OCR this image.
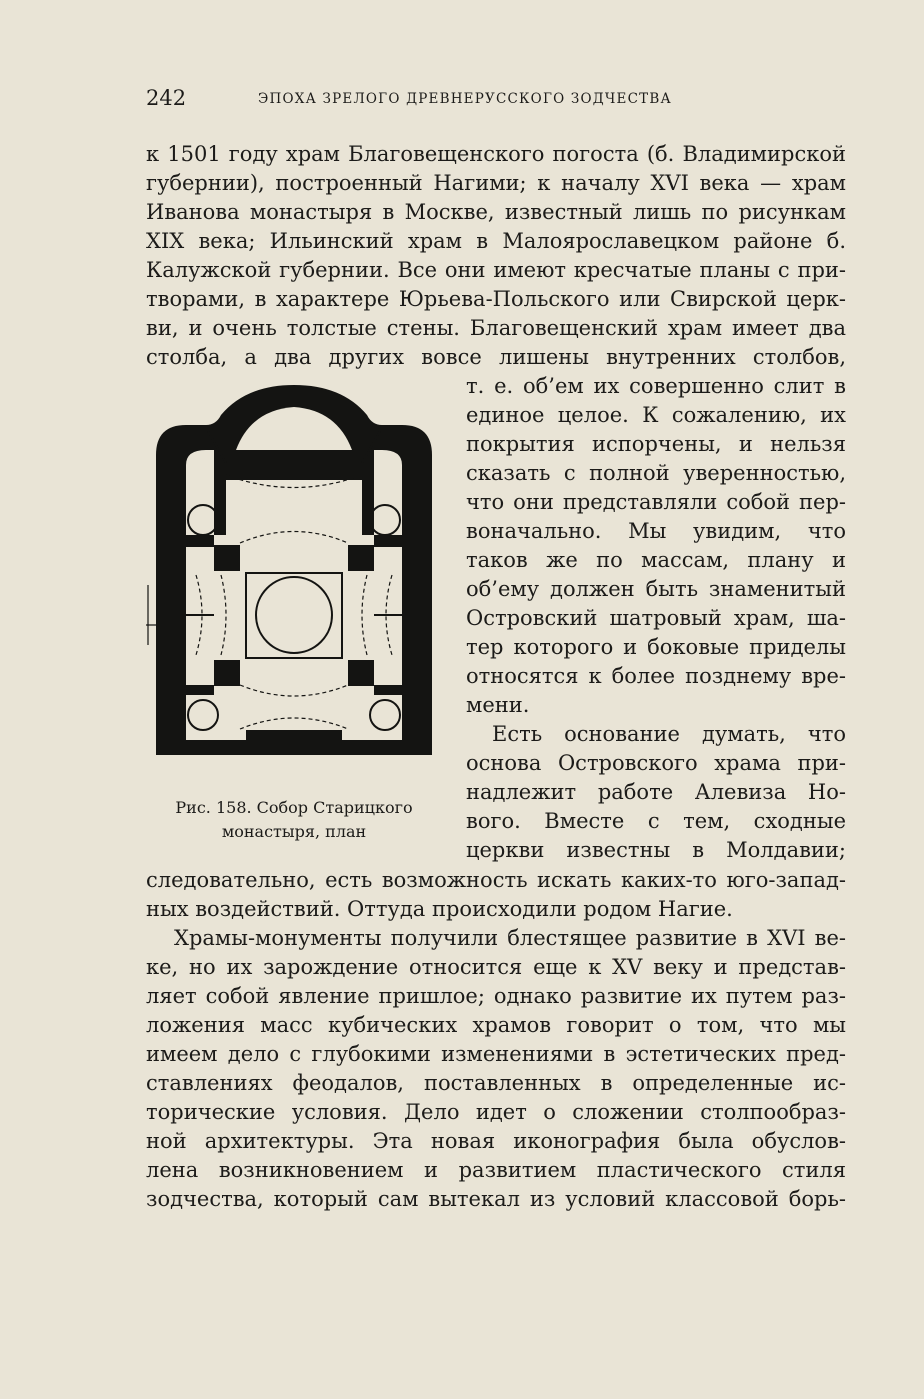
242	ЭПОХА ЗРЕЛОГО ДРЕВНЕРУССКОГО ЗОДЧЕСТВА
к 1501 году храм Благовещенского погоста (б. Владимирской
губернии), построенный Нагими; к началу XVI века — храм
Иванова монастыря в Москве, известный лишь по рисункам
XIX века; Ильинский храм в Малоярославецком районе б.
Калужской губернии. Все они имеют кресчатые планы с при-
творами, в характере Юрьева-Польского или Свирской церк-
ви, и очень толстые стены. Благовещенский храм имеет два
столба, а два других вовсе лишены внутренних столбов,
т. е. об’ем их совершенно слит в
единое целое. К сожалению, их
покрытия испорчены, и нельзя
сказать с полной уверенностью,
что они представляли собой пер-
воначально. Мы увидим, что
таков же по массам, плану и
об’ему должен быть знаменитый
Островский шатровый храм, ша-
тер которого и боковые приделы
относятся к более позднему вре-
мени.
Есть основание думать, что
основа Островского храма при-
надлежит работе Алевиза Но-
вого. Вместе с тем, сходные
церкви известны в Молдавии;
следовательно, есть возможность искать каких-то юго-запад-
ных воздействий. Оттуда происходили родом Нагие.
Храмы-монументы получили блестящее развитие в XVI ве-
ке, но их зарождение относится еще к XV веку и представ-
ляет собой явление пришлое; однако развитие их путем раз-
ложения масс кубических храмов говорит о том, что мы
имеем дело с глубокими изменениями в эстетических пред-
ставлениях феодалов, поставленных в определенные ис-
торические условия. Дело идет о сложении столпообраз-
ной архитектуры. Эта новая иконография была обуслов-
лена возникновением и развитием пластического стиля
зодчества, который сам вытекал из условий классовой борь-
Рис. 158. Собор Старицкого
монастыря, план
